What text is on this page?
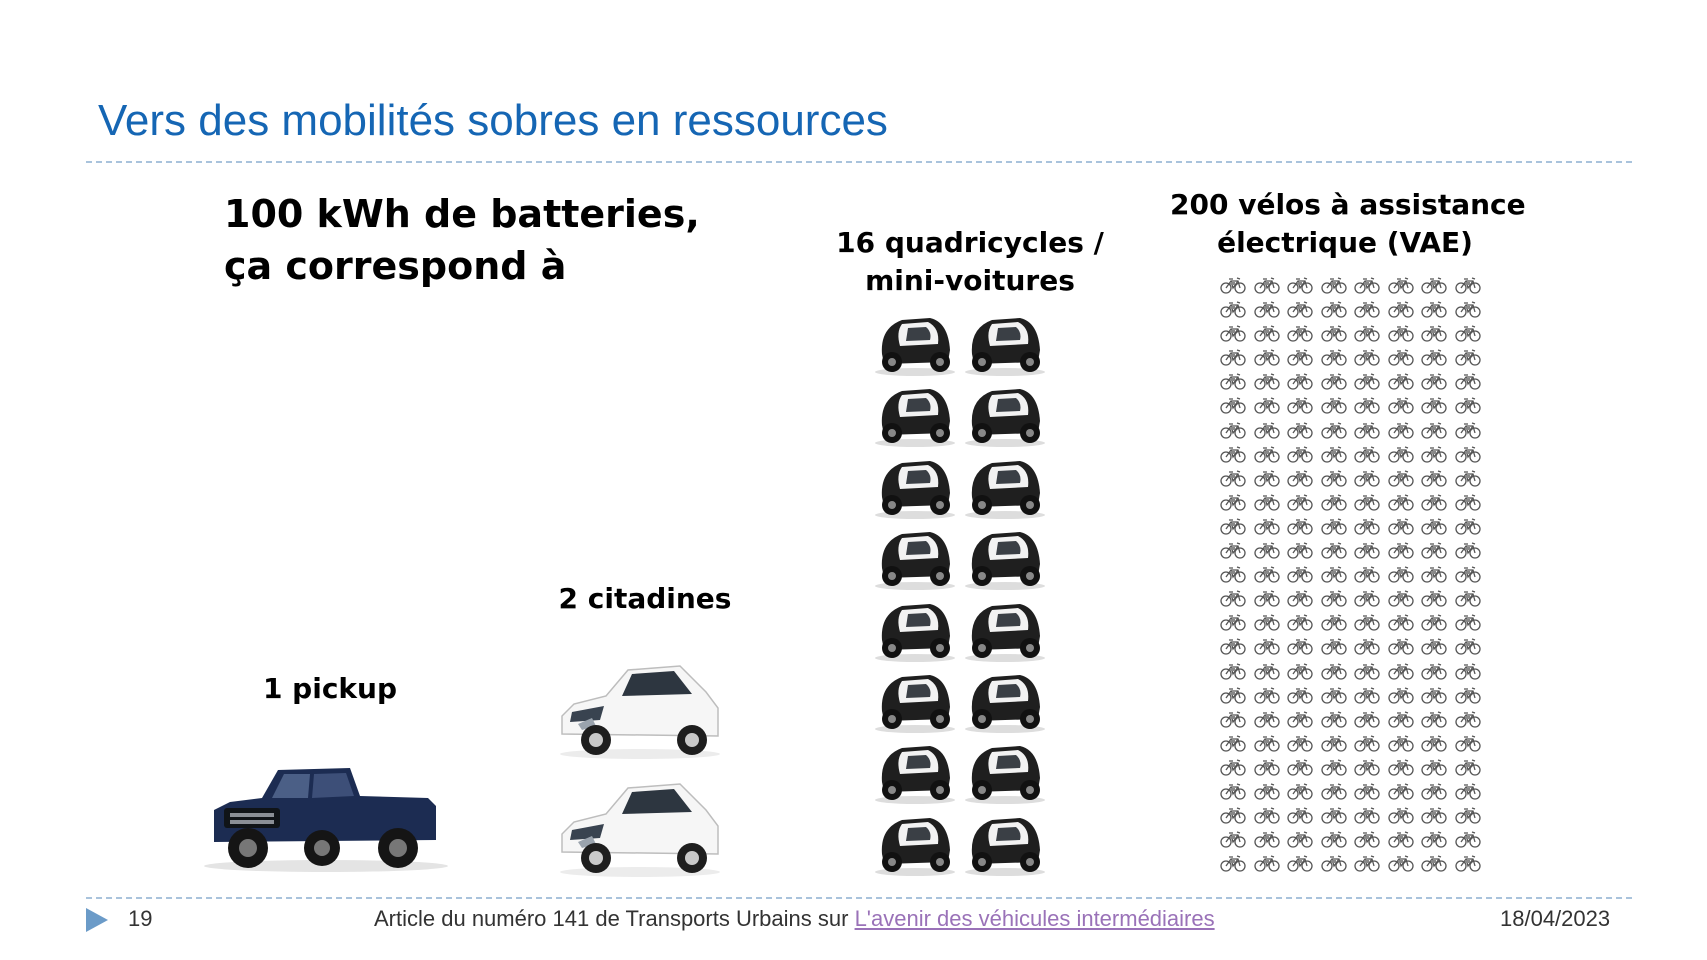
Vers des mobilités sobres en ressources
100 kWh de batteries,
ça correspond à
1 pickup
2 citadines
16 quadricycles /
mini-voitures
200 vélos à assistance
électrique (VAE)
19	Article du numéro 141 de Transports Urbains sur L'avenir des véhicules intermédiaires	18/04/2023
